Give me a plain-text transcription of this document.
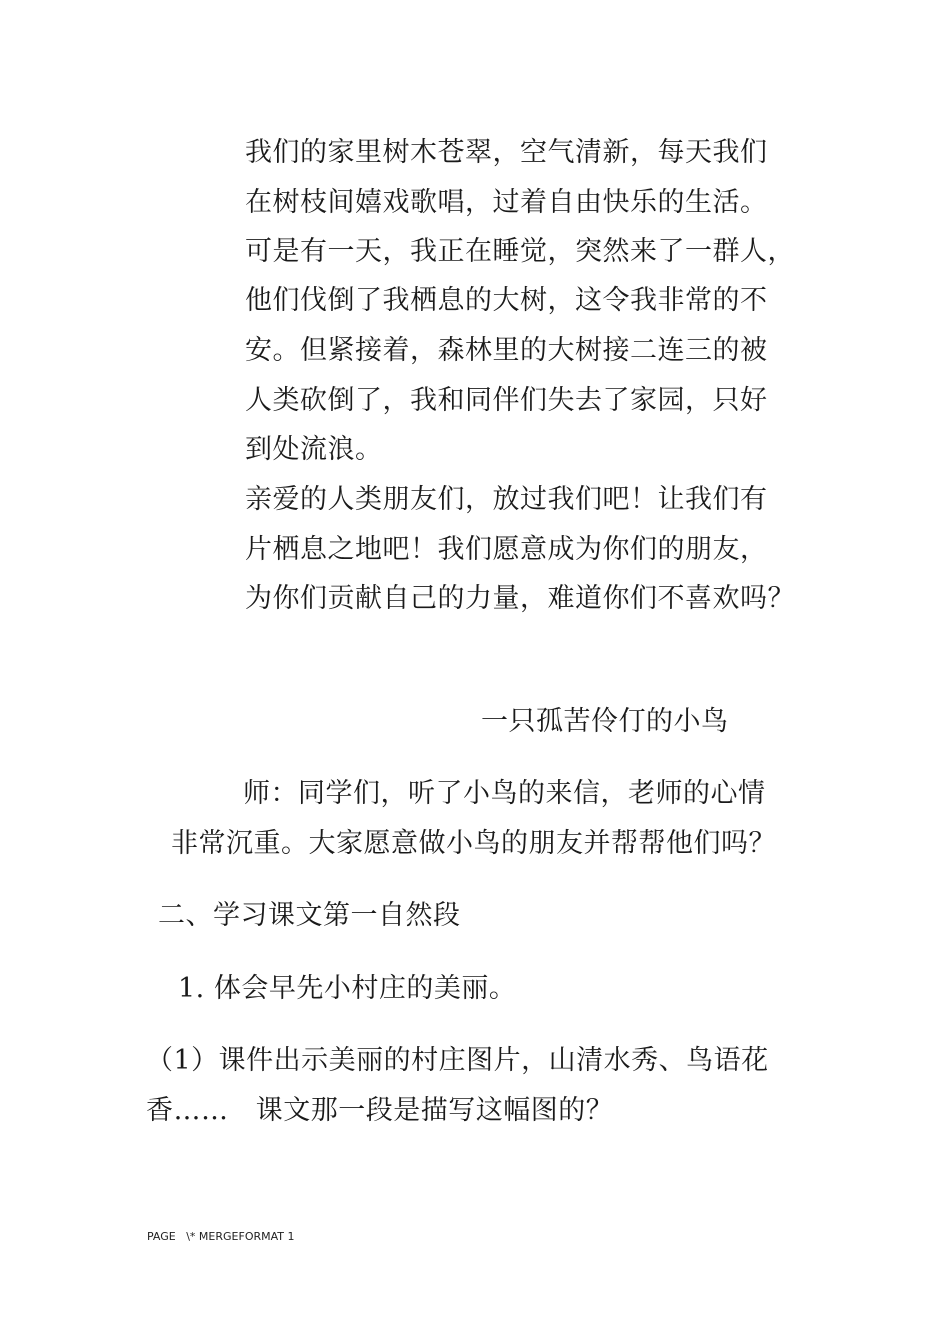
我们的家里树木苍翠，空气清新，每天我们
在树枝间嬉戏歌唱，过着自由快乐的生活。
可是有一天，我正在睡觉，突然来了一群人，
他们伐倒了我栖息的大树，这令我非常的不
安。但紧接着，森林里的大树接二连三的被
人类砍倒了，我和同伴们失去了家园，只好
到处流浪。
亲爱的人类朋友们，放过我们吧！让我们有
片栖息之地吧！我们愿意成为你们的朋友，
为你们贡献自己的力量，难道你们不喜欢吗？
一只孤苦伶仃的小鸟
师：同学们，听了小鸟的来信，老师的心情
非常沉重。大家愿意做小鸟的朋友并帮帮他们吗？
二、学习课文第一自然段
1. 体会早先小村庄的美丽。
（1）课件出示美丽的村庄图片，山清水秀、鸟语花
香……   课文那一段是描写这幅图的？
PAGE   \* MERGEFORMAT 1
